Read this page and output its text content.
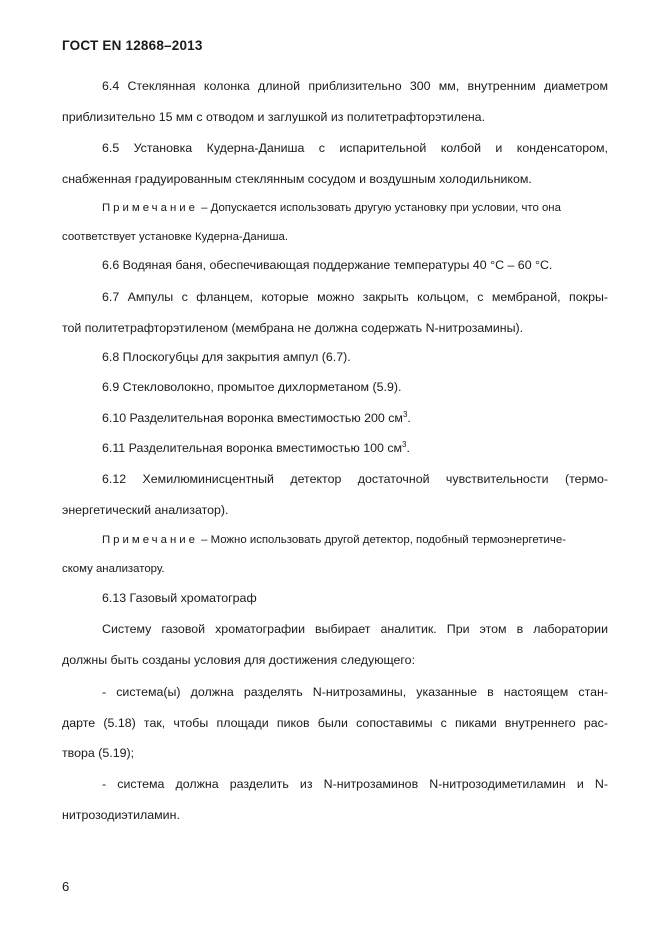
ГОСТ EN 12868–2013
6.4 Стеклянная колонка длиной приблизительно 300 мм, внутренним диаметром
приблизительно 15 мм с отводом и заглушкой из политетрафторэтилена.
6.5 Установка Кудерна-Даниша с испарительной колбой и конденсатором,
снабженная градуированным стеклянным сосудом и воздушным холодильником.
Примечание – Допускается использовать другую установку при условии, что она
соответствует установке Кудерна-Даниша.
6.6 Водяная баня, обеспечивающая поддержание температуры 40 °С – 60 °С.
6.7 Ампулы с фланцем, которые можно закрыть кольцом, с мембраной, покры-
той политетрафторэтиленом (мембрана не должна содержать N-нитрозамины).
6.8 Плоскогубцы для закрытия ампул (6.7).
6.9 Стекловолокно, промытое дихлорметаном (5.9).
6.10 Разделительная воронка вместимостью 200 $см^3$.
6.11 Разделительная воронка вместимостью 100 $см^3$.
6.12 Хемилюминисцентный детектор достаточной чувствительности (термо-
энергетический анализатор).
Примечание – Можно использовать другой детектор, подобный термоэнергетиче-
скому анализатору.
6.13 Газовый хроматограф
Систему газовой хроматографии выбирает аналитик. При этом в лаборатории
должны быть созданы условия для достижения следующего:
- система(ы) должна разделять N-нитрозамины, указанные в настоящем стан-
дарте (5.18) так, чтобы площади пиков были сопоставимы с пиками внутреннего рас-
твора (5.19);
- система должна разделить из N-нитрозаминов N-нитрозодиметиламин и N-
нитрозодиэтиламин.
6
